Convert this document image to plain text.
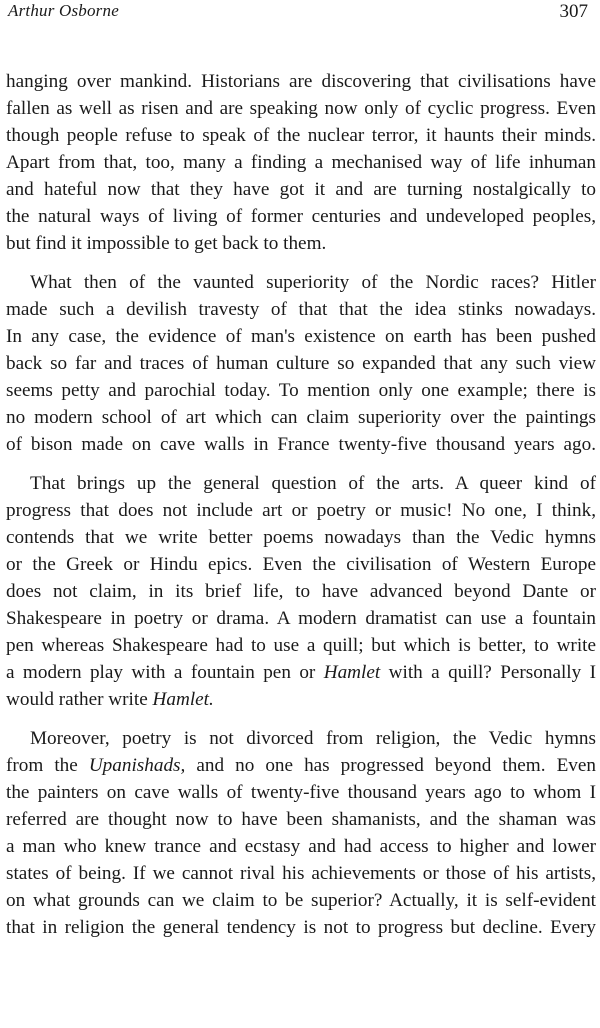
Arthur Osborne	307

hanging over mankind. Historians are discovering that civilisations have
fallen as well as risen and are speaking now only of cyclic progress. Even
though people refuse to speak of the nuclear terror, it haunts their minds.
Apart from that, too, many a finding a mechanised way of life inhuman
and hateful now that they have got it and are turning nostalgically to
the natural ways of living of former centuries and undeveloped peoples,
but find it impossible to get back to them.

What then of the vaunted superiority of the Nordic races? Hitler
made such a devilish travesty of that that the idea stinks nowadays.
In any case, the evidence of man's existence on earth has been pushed
back so far and traces of human culture so expanded that any such view
seems petty and parochial today. To mention only one example; there is
no modern school of art which can claim superiority over the paintings
of bison made on cave walls in France twenty-five thousand years ago.

That brings up the general question of the arts. A queer kind of
progress that does not include art or poetry or music! No one, I think,
contends that we write better poems nowadays than the Vedic hymns
or the Greek or Hindu epics. Even the civilisation of Western Europe
does not claim, in its brief life, to have advanced beyond Dante or
Shakespeare in poetry or drama. A modern dramatist can use a fountain
pen whereas Shakespeare had to use a quill; but which is better, to write
a modern play with a fountain pen or Hamlet with a quill? Personally I
would rather write Hamlet.

Moreover, poetry is not divorced from religion, the Vedic hymns
from the Upanishads, and no one has progressed beyond them. Even
the painters on cave walls of twenty-five thousand years ago to whom I
referred are thought now to have been shamanists, and the shaman was
a man who knew trance and ecstasy and had access to higher and lower
states of being. If we cannot rival his achievements or those of his artists,
on what grounds can we claim to be superior? Actually, it is self-evident
that in religion the general tendency is not to progress but decline. Every
